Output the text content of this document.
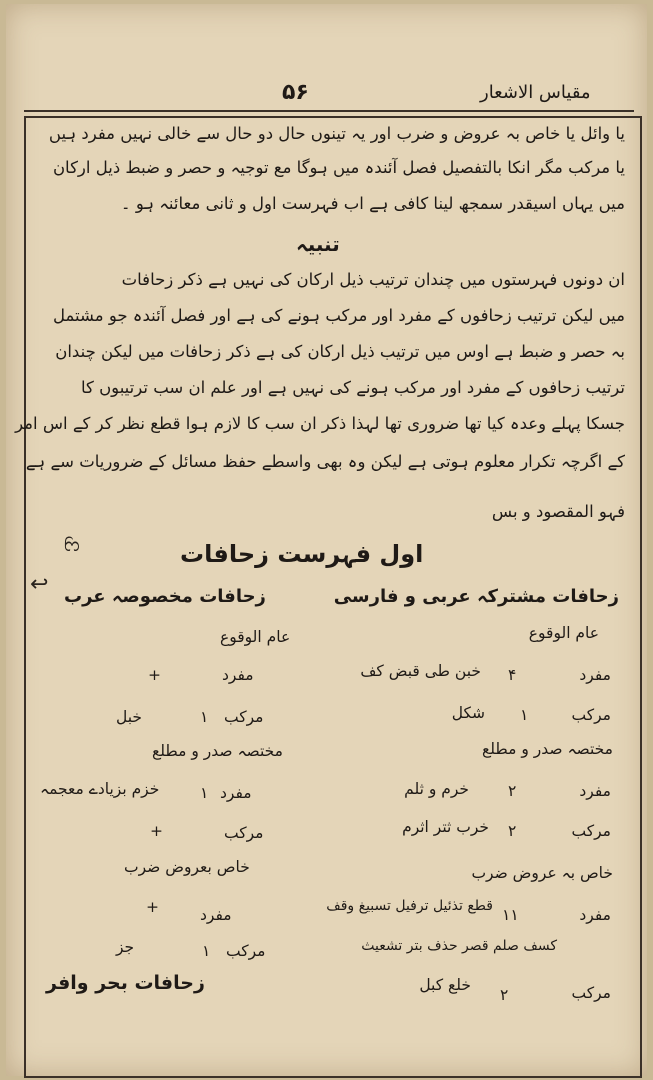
۵۶	مقیاس الاشعار
یا وائل یا خاص بہ عروض و ضرب اور یہ تینوں حال دو حال سے خالی نہیں مفرد ہیں
یا مرکب مگر انکا بالتفصیل فصل آئندہ میں ہوگا مع توجیہ و حصر و ضبط ذیل ارکان
میں یہاں اسیقدر سمجھ لینا کافی ہے اب فہرست اول و ثانی معائنہ ہو ۔
تنبیہ
ان دونوں فہرستوں میں چندان ترتیب ذیل ارکان کی نہیں ہے ذکر زحافات
میں لیکن ترتیب زحافوں کے مفرد اور مرکب ہونے کی ہے اور فصل آئندہ جو مشتمل
بہ حصر و ضبط ہے اوس میں ترتیب ذیل ارکان کی ہے ذکر زحافات میں لیکن چندان
ترتیب زحافوں کے مفرد اور مرکب ہونے کی نہیں ہے اور علم ان سب ترتیبوں کا
جسکا پہلے وعدہ کیا تھا ضروری تھا لہذا ذکر ان سب کا لازم ہوا قطع نظر کر کے اس امر
کے اگرچہ تکرار معلوم ہوتی ہے لیکن وہ بھی واسطے حفظ مسائل کے ضروریات سے ہے
فہو المقصود و بس
اول فہرست زحافات
ᦝ
زحافات مشترکہ عربی و فارسی
زحافات مخصوصہ عرب
↩
عام الوقوع
عام الوقوع
مفرد
۴
خبن طی قبض کف
مفرد
+
مرکب
۱
شکل
مرکب
۱
خبل
مختصہ صدر و مطلع
مختصہ صدر و مطلع
مفرد
۲
خرم و ثلم
مفرد
۱
خزم بزیادے معجمہ
مرکب
۲
خرب ثتر اثرم
مرکب
+
خاص بہ عروض ضرب
خاص بعروض ضرب
مفرد
۱۱
قطع تذئیل ترفیل تسبیغ وقف
مفرد
+
کسف صلم قصر حذف بتر تشعیث
مرکب
۱
جز
مرکب
۲
خلع کبل
زحافات بحر وافر
